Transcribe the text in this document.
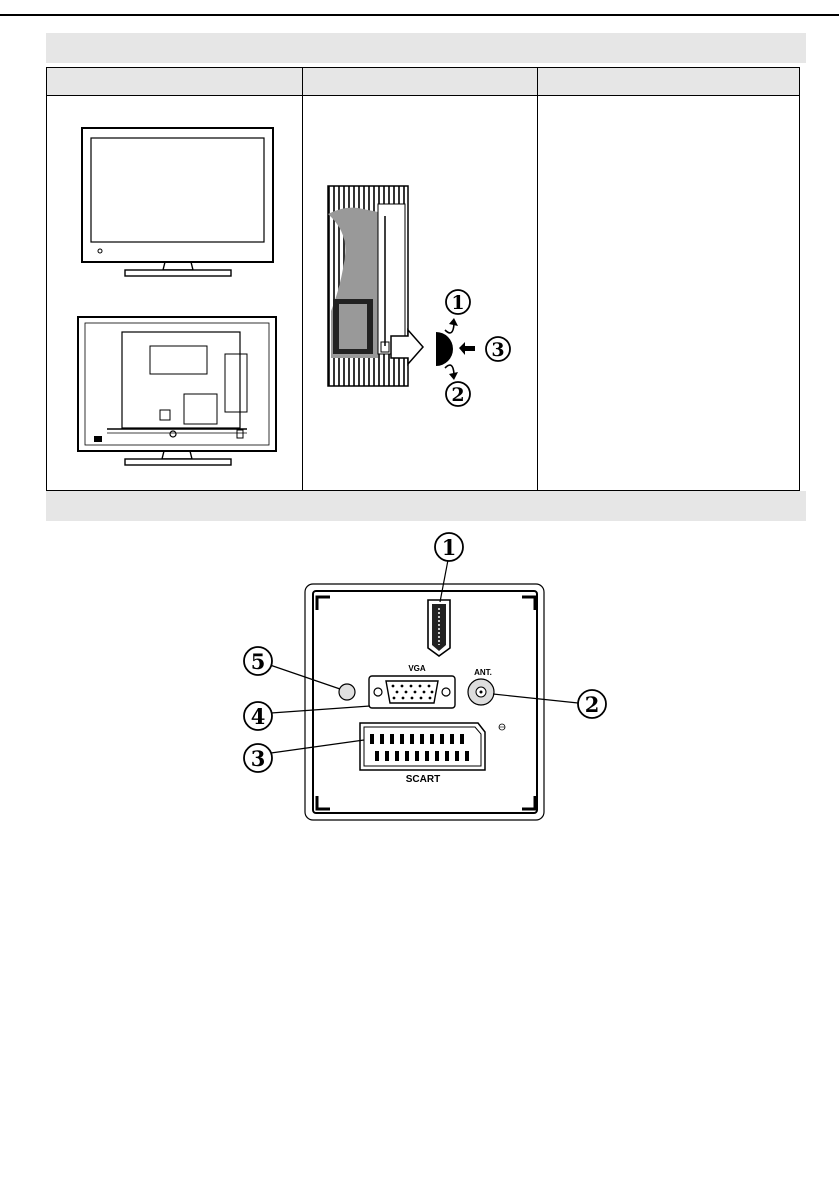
1
2
3
VGA	ANT.
SCART
1
2
3
4
5
